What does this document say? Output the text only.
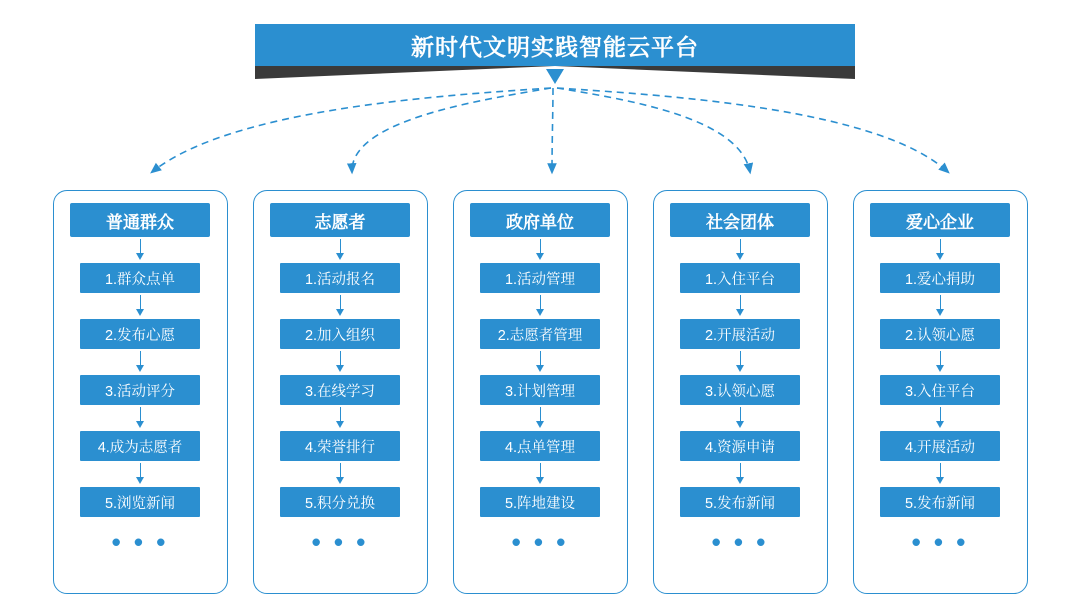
新时代文明实践智能云平台
普通群众
1.群众点单
2.发布心愿
3.活动评分
4.成为志愿者
5.浏览新闻
• • •
志愿者
1.活动报名
2.加入组织
3.在线学习
4.荣誉排行
5.积分兑换
• • •
政府单位
1.活动管理
2.志愿者管理
3.计划管理
4.点单管理
5.阵地建设
• • •
社会团体
1.入住平台
2.开展活动
3.认领心愿
4.资源申请
5.发布新闻
• • •
爱心企业
1.爱心捐助
2.认领心愿
3.入住平台
4.开展活动
5.发布新闻
• • •
